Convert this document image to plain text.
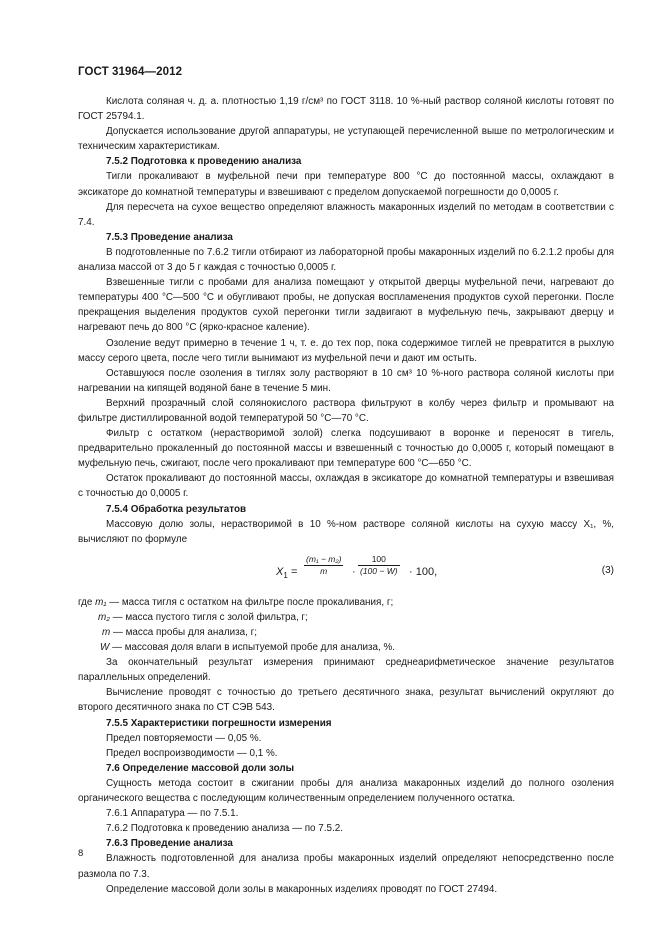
ГОСТ 31964—2012

Кислота соляная ч. д. а. плотностью 1,19 г/см³ по ГОСТ 3118. 10 %-ный раствор соляной кислоты готовят по ГОСТ 25794.1.

Допускается использование другой аппаратуры, не уступающей перечисленной выше по метрологическим и техническим характеристикам.

7.5.2 Подготовка к проведению анализа

Тигли прокаливают в муфельной печи при температуре 800 °С до постоянной массы, охлаждают в эксикаторе до комнатной температуры и взвешивают с пределом допускаемой погрешности до 0,0005 г.

Для пересчета на сухое вещество определяют влажность макаронных изделий по методам в соответствии с 7.4.

7.5.3 Проведение анализа

В подготовленные по 7.6.2 тигли отбирают из лабораторной пробы макаронных изделий по 6.2.1.2 пробы для анализа массой от 3 до 5 г каждая с точностью 0,0005 г.

Взвешенные тигли с пробами для анализа помещают у открытой дверцы муфельной печи, нагревают до температуры 400 °С—500 °С и обугливают пробы, не допуская воспламенения продуктов сухой перегонки. После прекращения выделения продуктов сухой перегонки тигли задвигают в муфельную печь, закрывают дверцу и нагревают печь до 800 °С (ярко-красное каление).

Озоление ведут примерно в течение 1 ч, т. е. до тех пор, пока содержимое тиглей не превратится в рыхлую массу серого цвета, после чего тигли вынимают из муфельной печи и дают им остыть.

Оставшуюся после озоления в тиглях золу растворяют в 10 см³ 10 %-ного раствора соляной кислоты при нагревании на кипящей водяной бане в течение 5 мин.

Верхний прозрачный слой солянокислого раствора фильтруют в колбу через фильтр и промывают на фильтре дистиллированной водой температурой 50 °С—70 °С.

Фильтр с остатком (нерастворимой золой) слегка подсушивают в воронке и переносят в тигель, предварительно прокаленный до постоянной массы и взвешенный с точностью до 0,0005 г, который помещают в муфельную печь, сжигают, после чего прокаливают при температуре 600 °С—650 °С.

Остаток прокаливают до постоянной массы, охлаждая в эксикаторе до комнатной температуры и взвешивая с точностью до 0,0005 г.

7.5.4 Обработка результатов

Массовую долю золы, нерастворимой в 10 %-ном растворе соляной кислоты на сухую массу X₁, %, вычисляют по формуле

$X_1 = \frac{\text{(m₁ − m₂)}}{m} \cdot \frac{100}{(100 - W)} \cdot 100$,	(3)

где m₁ — масса тигля с остатком на фильтре после прокаливания, г;

m₂ — масса пустого тигля с золой фильтра, г;

m — масса пробы для анализа, г;

W — массовая доля влаги в испытуемой пробе для анализа, %.

За окончательный результат измерения принимают среднеарифметическое значение результатов параллельных определений.

Вычисление проводят с точностью до третьего десятичного знака, результат вычислений округляют до второго десятичного знака по СТ СЭВ 543.

7.5.5 Характеристики погрешности измерения

Предел повторяемости — 0,05 %.

Предел воспроизводимости — 0,1 %.

7.6 Определение массовой доли золы

Сущность метода состоит в сжигании пробы для анализа макаронных изделий до полного озоления органического вещества с последующим количественным определением полученного остатка.

7.6.1 Аппаратура — по 7.5.1.

7.6.2 Подготовка к проведению анализа — по 7.5.2.

7.6.3 Проведение анализа

Влажность подготовленной для анализа пробы макаронных изделий определяют непосредственно после размола по 7.3.

Определение массовой доли золы в макаронных изделиях проводят по ГОСТ 27494.

8
